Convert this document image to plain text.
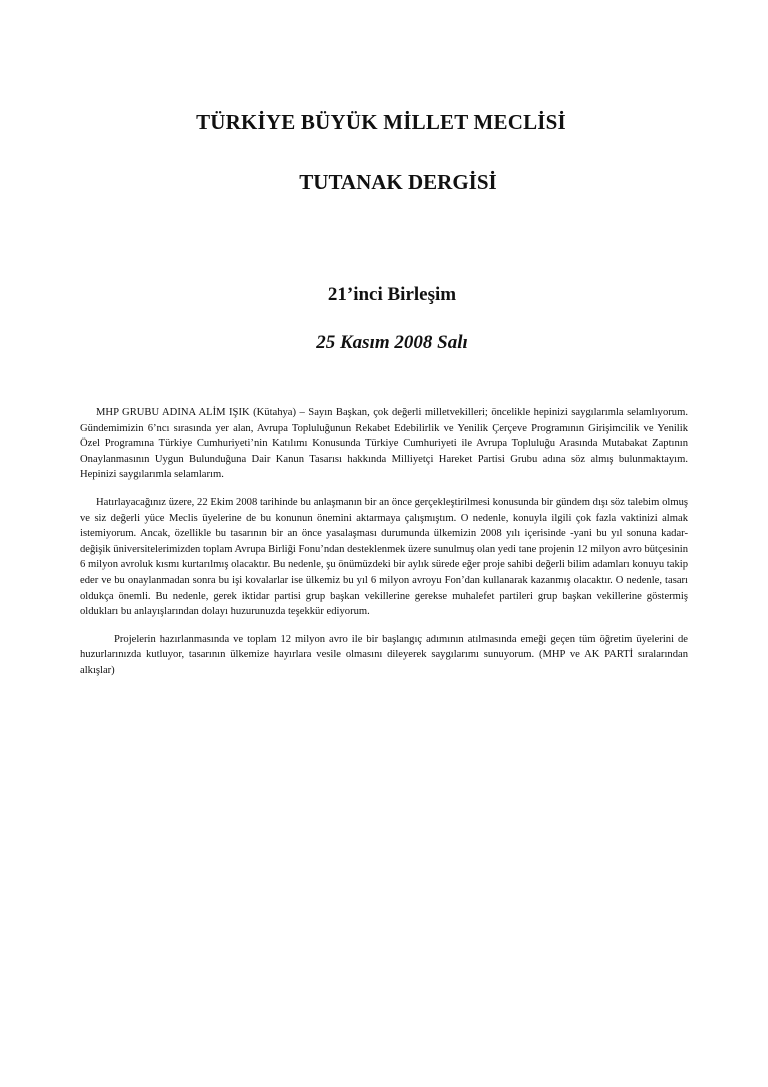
TÜRKİYE BÜYÜK MİLLET MECLİSİ
TUTANAK DERGİSİ
21’inci Birleşim
25 Kasım 2008 Salı

MHP GRUBU ADINA ALİM IŞIK (Kütahya) – Sayın Başkan, çok değerli milletvekilleri; öncelikle hepinizi saygılarımla selamlıyorum. Gündemimizin 6’ncı sırasında yer alan, Avrupa Topluluğunun Rekabet Edebilirlik ve Yenilik Çerçeve Programının Girişimcilik ve Yenilik Özel Programına Türkiye Cumhuriyeti’nin Katılımı Konusunda Türkiye Cumhuriyeti ile Avrupa Topluluğu Arasında Mutabakat Zaptının Onaylanmasının Uygun Bulunduğuna Dair Kanun Tasarısı hakkında Milliyetçi Hareket Partisi Grubu adına söz almış bulunmaktayım. Hepinizi saygılarımla selamlarım.

Hatırlayacağınız üzere, 22 Ekim 2008 tarihinde bu anlaşmanın bir an önce gerçekleştirilmesi konusunda bir gündem dışı söz talebim olmuş ve siz değerli yüce Meclis üyelerine de bu konunun önemini aktarmaya çalışmıştım. O nedenle, konuyla ilgili çok fazla vaktinizi almak istemiyorum. Ancak, özellikle bu tasarının bir an önce yasalaşması durumunda ülkemizin 2008 yılı içerisinde -yani bu yıl sonuna kadar- değişik üniversitelerimizden toplam Avrupa Birliği Fonu’ndan desteklenmek üzere sunulmuş olan yedi tane projenin 12 milyon avro bütçesinin 6 milyon avroluk kısmı kurtarılmış olacaktır. Bu nedenle, şu önümüzdeki bir aylık sürede eğer proje sahibi değerli bilim adamları konuyu takip eder ve bu onaylanmadan sonra bu işi kovalarlar ise ülkemiz bu yıl 6 milyon avroyu Fon’dan kullanarak kazanmış olacaktır. O nedenle, tasarı oldukça önemli. Bu nedenle, gerek iktidar partisi grup başkan vekillerine gerekse muhalefet partileri grup başkan vekillerine göstermiş oldukları bu anlayışlarından dolayı huzurunuzda teşekkür ediyorum.

Projelerin hazırlanmasında ve toplam 12 milyon avro ile bir başlangıç adımının atılmasında emeği geçen tüm öğretim üyelerini de huzurlarınızda kutluyor, tasarının ülkemize hayırlara vesile olmasını dileyerek saygılarımı sunuyorum. (MHP ve AK PARTİ sıralarından alkışlar)
